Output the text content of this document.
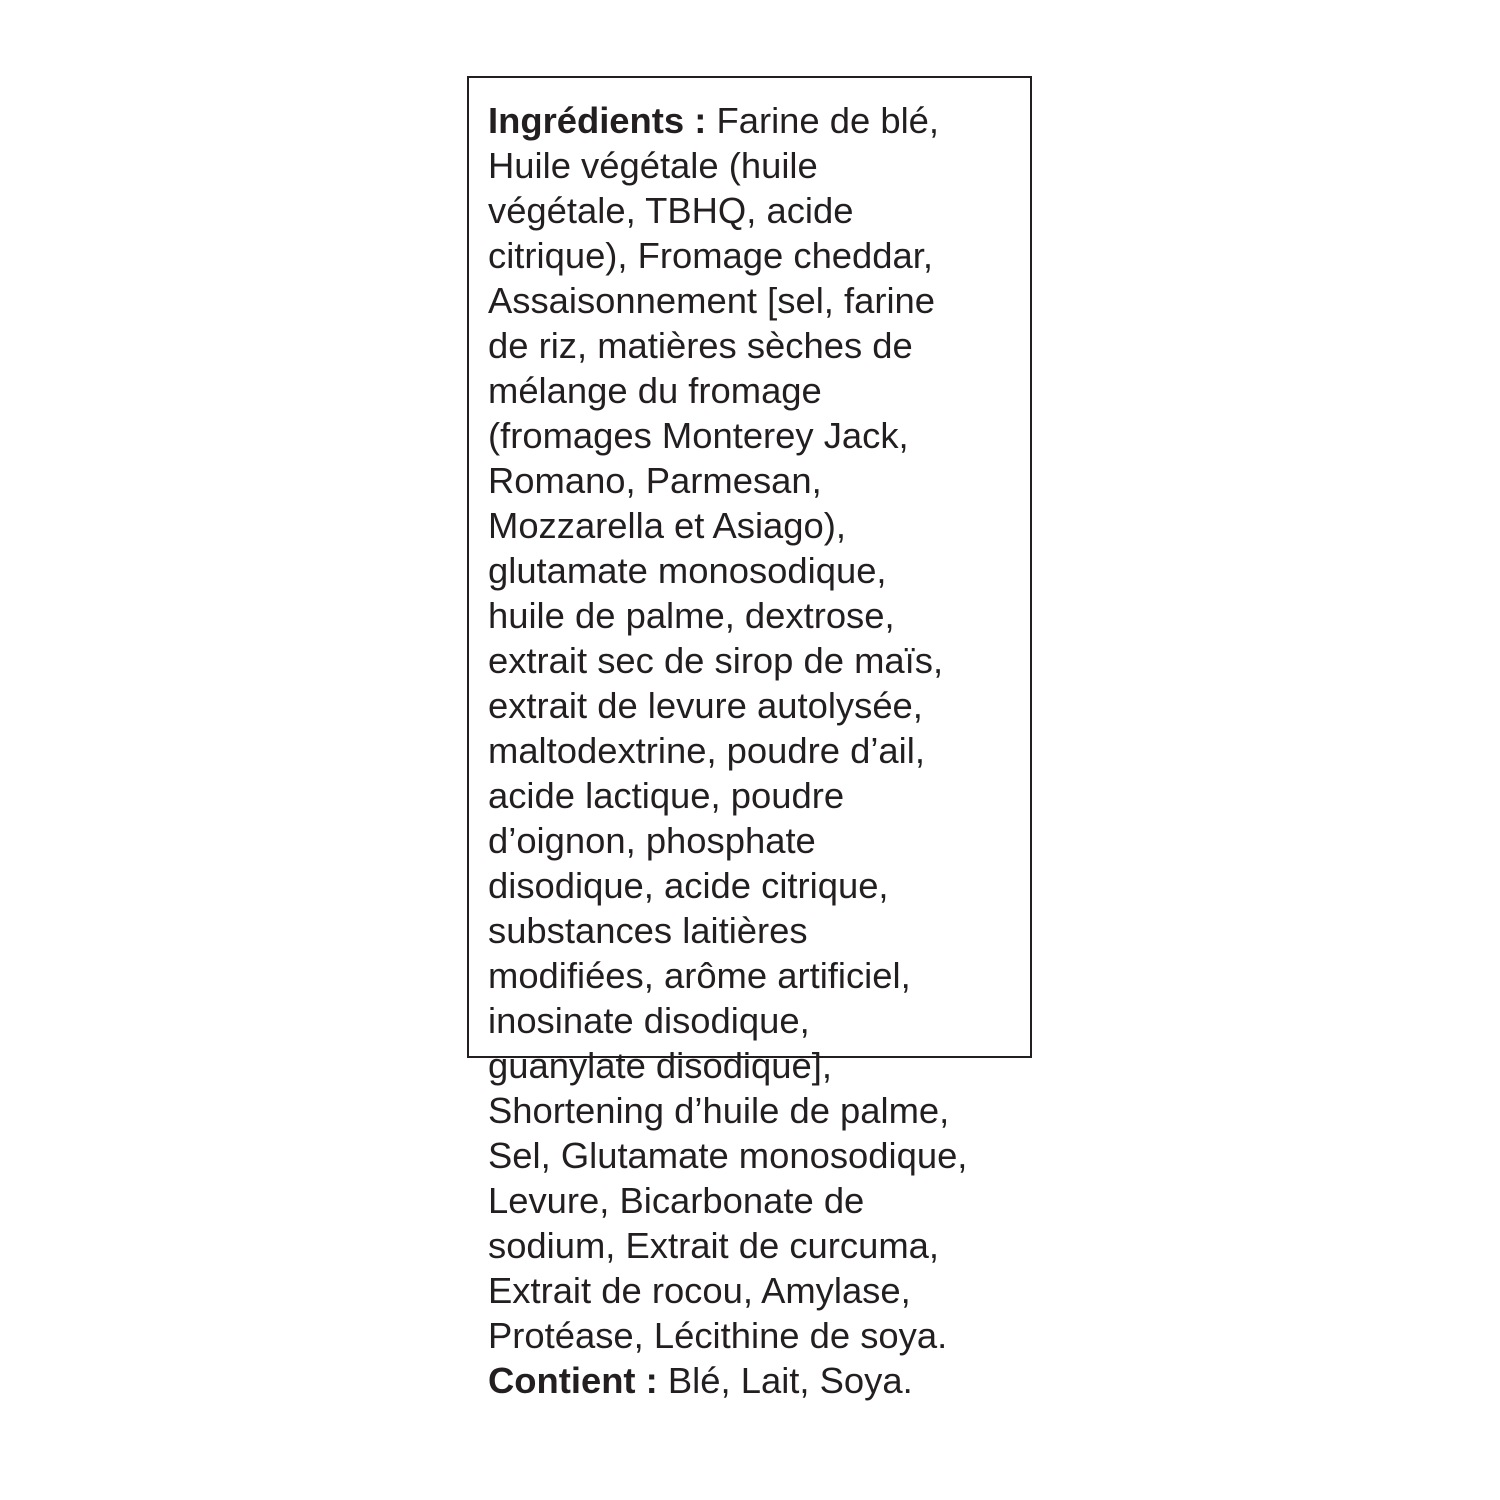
Ingrédients : Farine de blé,
Huile végétale (huile
végétale, TBHQ, acide
citrique), Fromage cheddar,
Assaisonnement [sel, farine
de riz, matières sèches de
mélange du fromage
(fromages Monterey Jack,
Romano, Parmesan,
Mozzarella et Asiago),
glutamate monosodique,
huile de palme, dextrose,
extrait sec de sirop de maïs,
extrait de levure autolysée,
maltodextrine, poudre d’ail,
acide lactique, poudre
d’oignon, phosphate
disodique, acide citrique,
substances laitières
modifiées, arôme artificiel,
inosinate disodique,
guanylate disodique],
Shortening d’huile de palme,
Sel, Glutamate monosodique,
Levure, Bicarbonate de
sodium, Extrait de curcuma,
Extrait de rocou, Amylase,
Protéase, Lécithine de soya.
Contient : Blé, Lait, Soya.
